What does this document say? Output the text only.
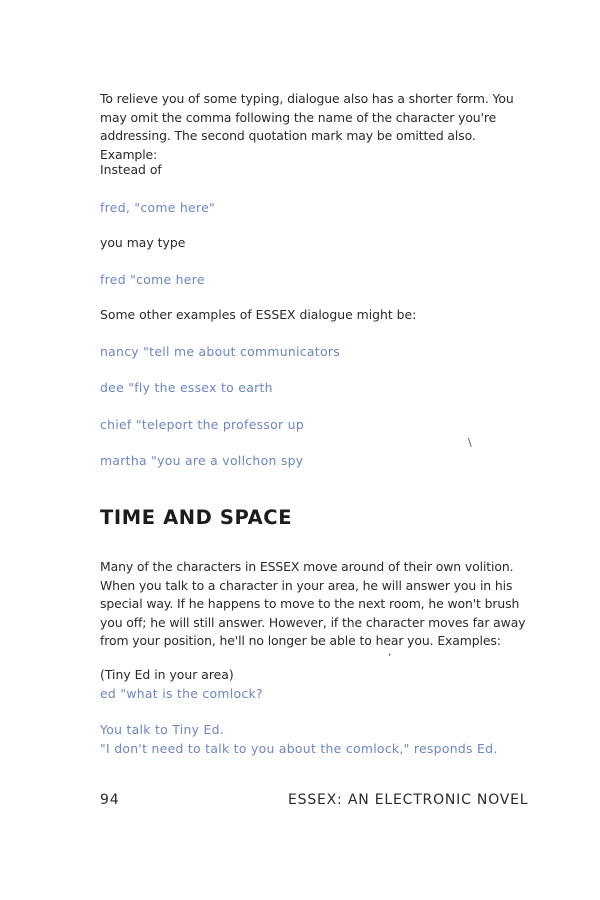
To relieve you of some typing, dialogue also has a shorter form. You may omit the comma following the name of the character you're addressing. The second quotation mark may be omitted also. Example:

Instead of

fred, "come here"

you may type

fred "come here

Some other examples of ESSEX dialogue might be:

nancy "tell me about communicators

dee "fly the essex to earth

chief "teleport the professor up

martha "you are a vollchon spy

TIME AND SPACE

Many of the characters in ESSEX move around of their own volition. When you talk to a character in your area, he will answer you in his special way. If he happens to move to the next room, he won't brush you off; he will still answer. However, if the character moves far away from your position, he'll no longer be able to hear you. Examples:

(Tiny Ed in your area)

ed "what is the comlock?

You talk to Tiny Ed.

"I don't need to talk to you about the comlock," responds Ed.

94	ESSEX: AN ELECTRONIC NOVEL
\
,
